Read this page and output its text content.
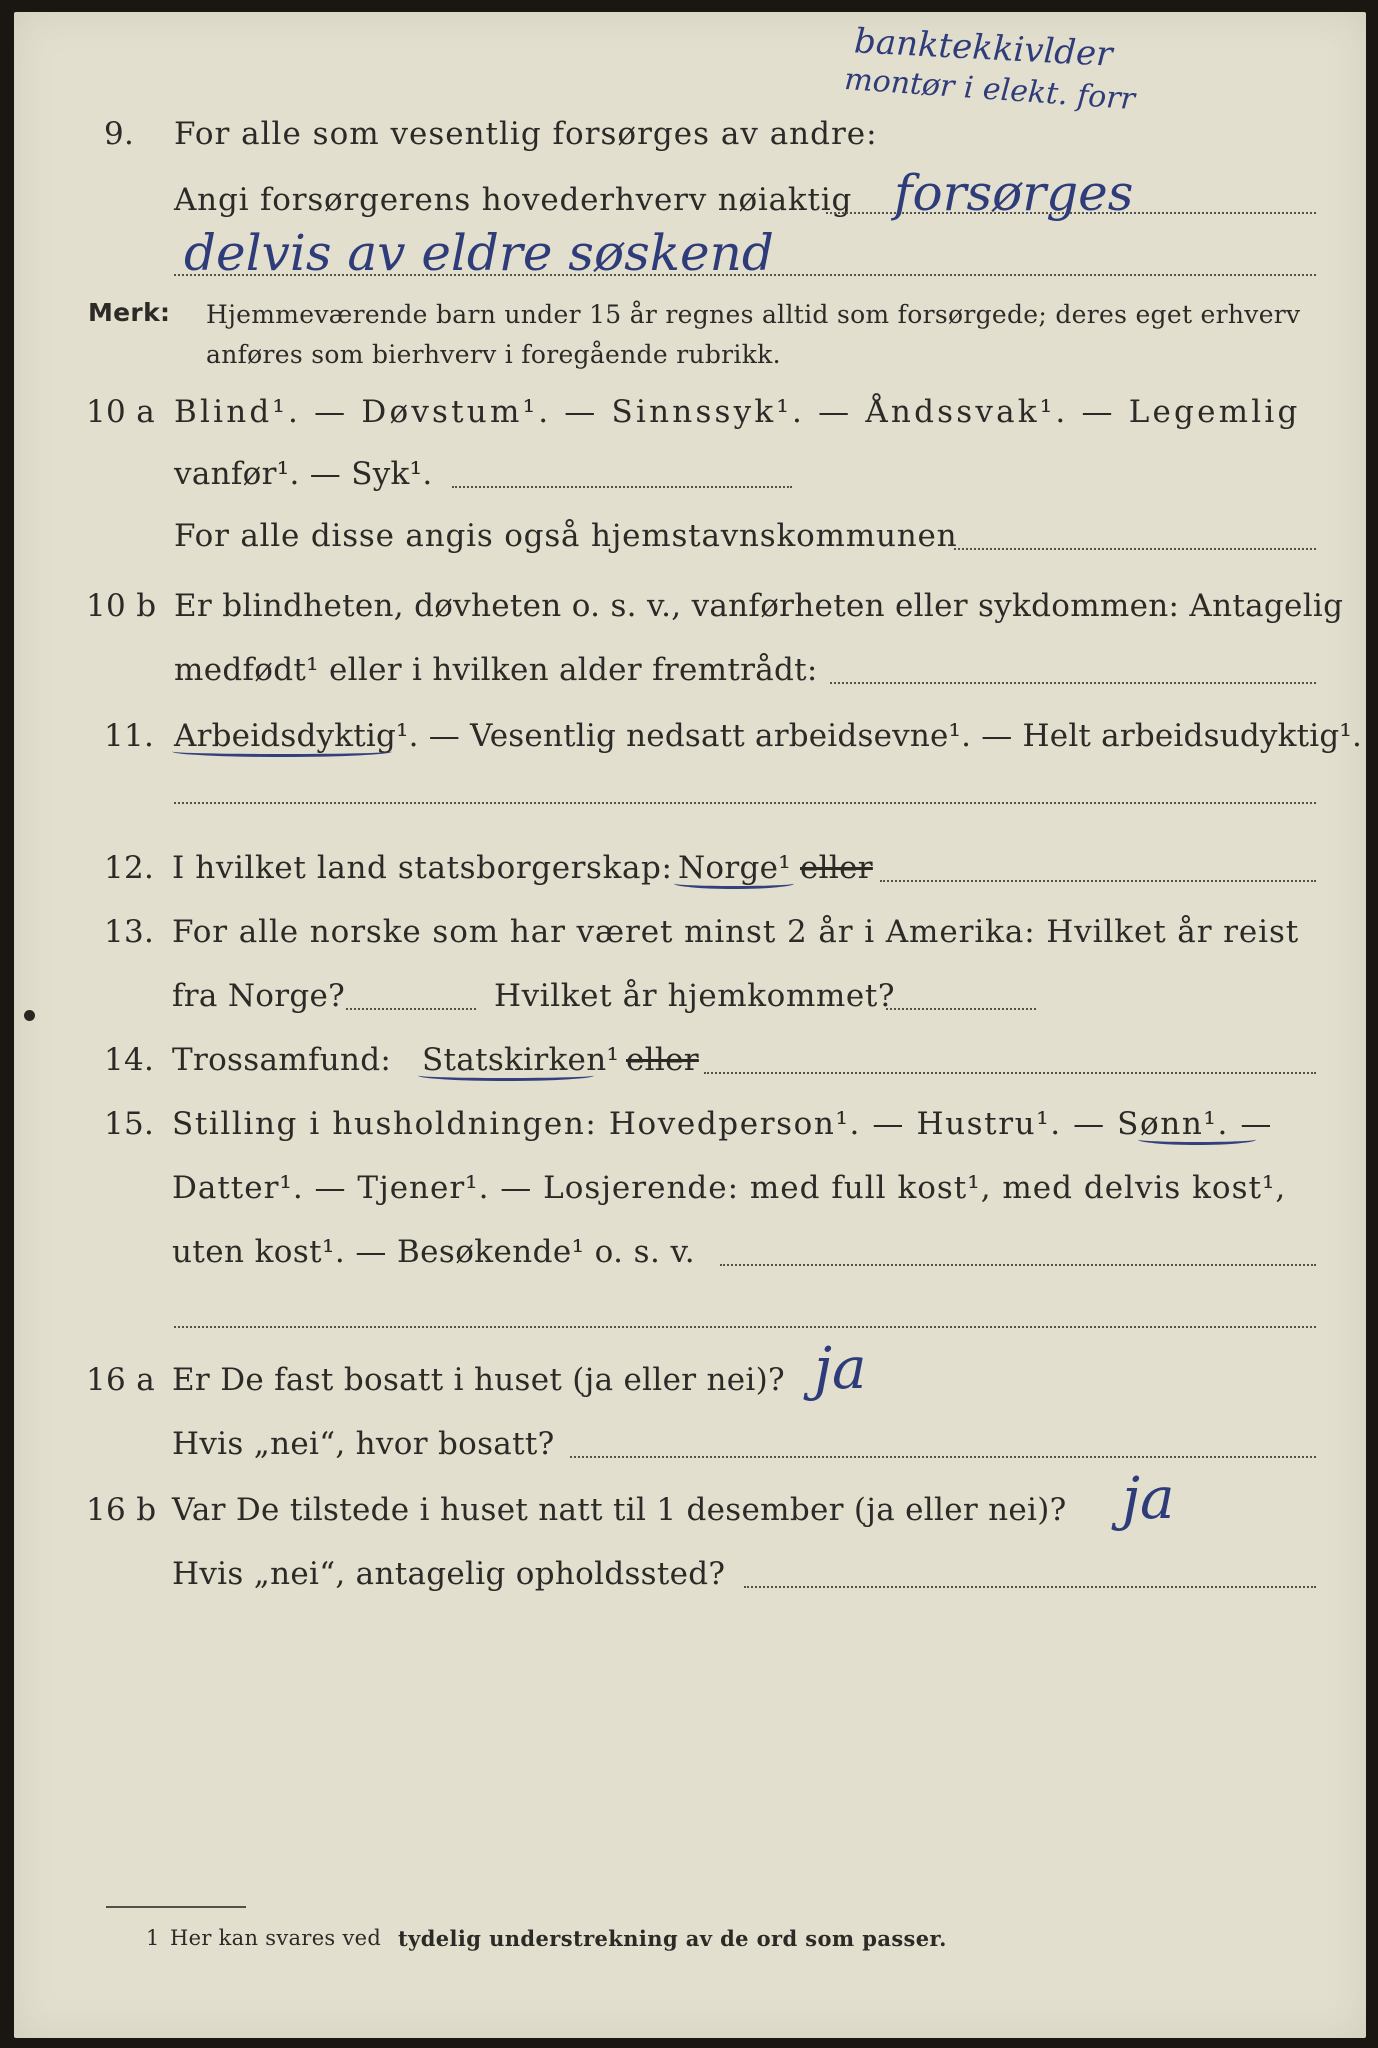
banktekkivlder
montør i elekt. forr
9. For alle som vesentlig forsørges av andre:
Angi forsørgerens hovederhverv nøiaktig forsørges
delvis av eldre søskend
Merk: Hjemmeværende barn under 15 år regnes alltid som forsørgede; deres eget erhverv
anføres som bierhverv i foregående rubrikk.
10 a Blind¹. — Døvstum¹. — Sinnssyk¹. — Åndssvak¹. — Legemlig
vanfør¹. — Syk¹.
For alle disse angis også hjemstavnskommunen
10 b Er blindheten, døvheten o. s. v., vanførheten eller sykdommen: Antagelig
medfødt¹ eller i hvilken alder fremtrådt:
11. Arbeidsdyktig¹. — Vesentlig nedsatt arbeidsevne¹. — Helt arbeidsudyktig¹.
12. I hvilket land statsborgerskap: Norge¹ eller
13. For alle norske som har været minst 2 år i Amerika: Hvilket år reist
fra Norge?	Hvilket år hjemkommet?
14. Trossamfund: Statskirken¹ eller
15. Stilling i husholdningen: Hovedperson¹. — Hustru¹. — Sønn¹. —
Datter¹. — Tjener¹. — Losjerende: med full kost¹, med delvis kost¹,
uten kost¹. — Besøkende¹ o. s. v.
16 a Er De fast bosatt i huset (ja eller nei)? ja
Hvis „nei“, hvor bosatt?
16 b Var De tilstede i huset natt til 1 desember (ja eller nei)? ja
Hvis „nei“, antagelig opholdssted?
1 Her kan svares ved tydelig understrekning av de ord som passer.
